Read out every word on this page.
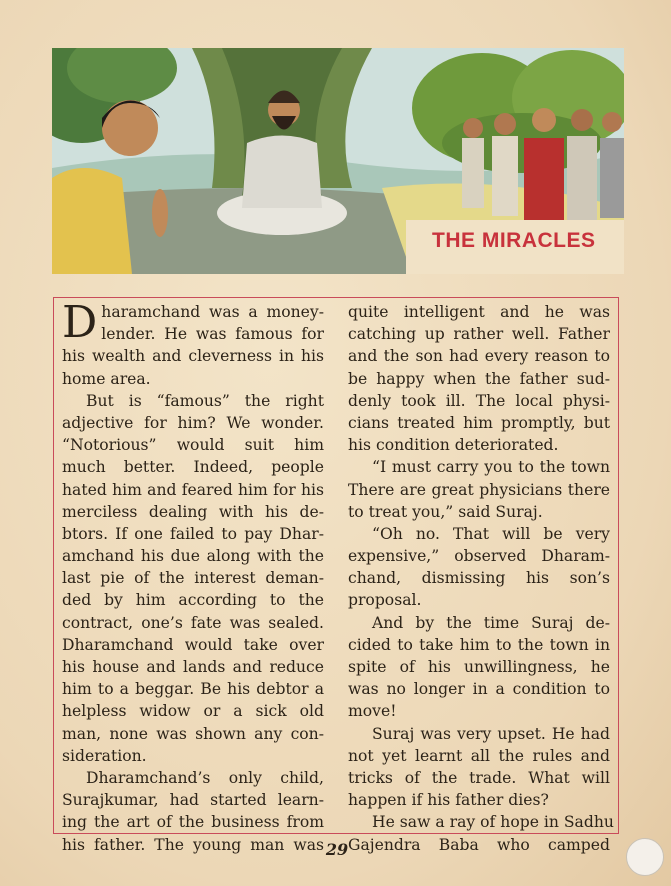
THE MIRACLES
D haramchand was a money-
lender. He was famous for
his wealth and cleverness in his
home area.
But is “famous” the right
adjective for him? We wonder.
“Notorious” would suit him
much better. Indeed, people
hated him and feared him for his
merciless dealing with his de-
btors. If one failed to pay Dhar-
amchand his due along with the
last pie of the interest deman-
ded by him according to the
contract, one’s fate was sealed.
Dharamchand would take over
his house and lands and reduce
him to a beggar. Be his debtor a
helpless widow or a sick old
man, none was shown any con-
sideration.
Dharamchand’s only child,
Surajkumar, had started learn-
ing the art of the business from
his father. The young man was
quite intelligent and he was
catching up rather well. Father
and the son had every reason to
be happy when the father sud-
denly took ill. The local physi-
cians treated him promptly, but
his condition deteriorated.
“I must carry you to the town
There are great physicians there
to treat you,” said Suraj.
“Oh no. That will be very
expensive,” observed Dharam-
chand, dismissing his son’s
proposal.
And by the time Suraj de-
cided to take him to the town in
spite of his unwillingness, he
was no longer in a condition to
move!
Suraj was very upset. He had
not yet learnt all the rules and
tricks of the trade. What will
happen if his father dies?
He saw a ray of hope in Sadhu
Gajendra Baba who camped
29
